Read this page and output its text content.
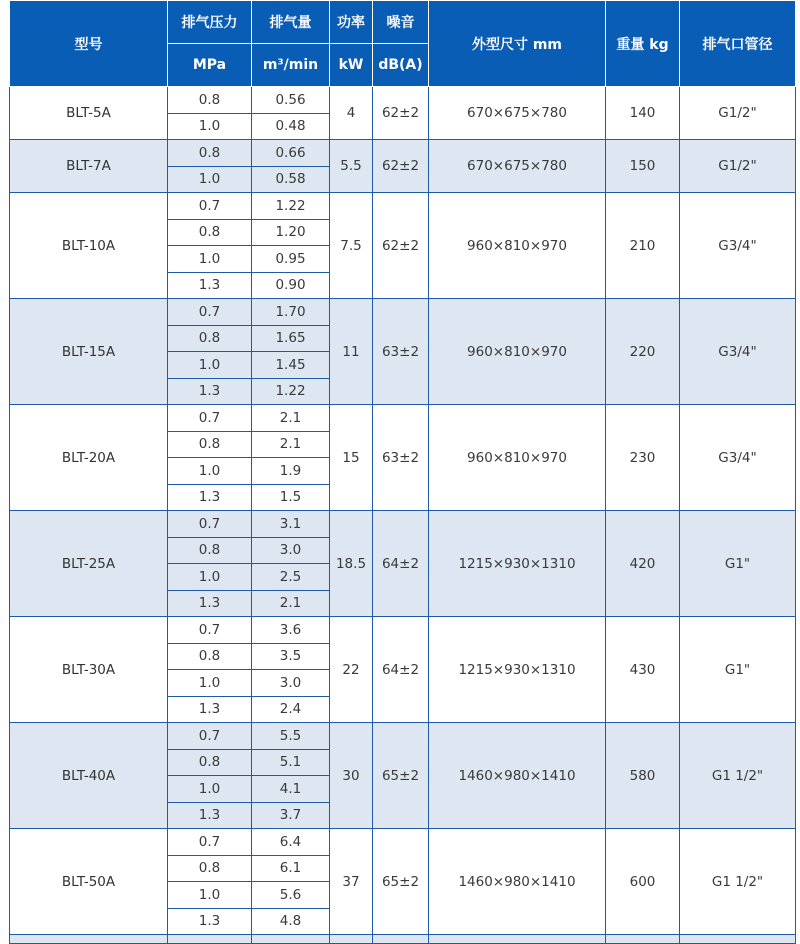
型号	排气压力	排气量	功率	噪音	外型尺寸 mm	重量 kg	排气口管径
	MPa	m³/min	kW	dB(A)			
BLT-5A	0.8	0.56	4	62±2	670×675×780	140	G1/2"
	1.0	0.48					
BLT-7A	0.8	0.66	5.5	62±2	670×675×780	150	G1/2"
	1.0	0.58					
BLT-10A	0.7	1.22	7.5	62±2	960×810×970	210	G3/4"
	0.8	1.20					
	1.0	0.95					
	1.3	0.90					
BLT-15A	0.7	1.70	11	63±2	960×810×970	220	G3/4"
	0.8	1.65					
	1.0	1.45					
	1.3	1.22					
BLT-20A	0.7	2.1	15	63±2	960×810×970	230	G3/4"
	0.8	2.1					
	1.0	1.9					
	1.3	1.5					
BLT-25A	0.7	3.1	18.5	64±2	1215×930×1310	420	G1"
	0.8	3.0					
	1.0	2.5					
	1.3	2.1					
BLT-30A	0.7	3.6	22	64±2	1215×930×1310	430	G1"
	0.8	3.5					
	1.0	3.0					
	1.3	2.4					
BLT-40A	0.7	5.5	30	65±2	1460×980×1410	580	G1 1/2"
	0.8	5.1					
	1.0	4.1					
	1.3	3.7					
BLT-50A	0.7	6.4	37	65±2	1460×980×1410	600	G1 1/2"
	0.8	6.1					
	1.0	5.6					
	1.3	4.8					
